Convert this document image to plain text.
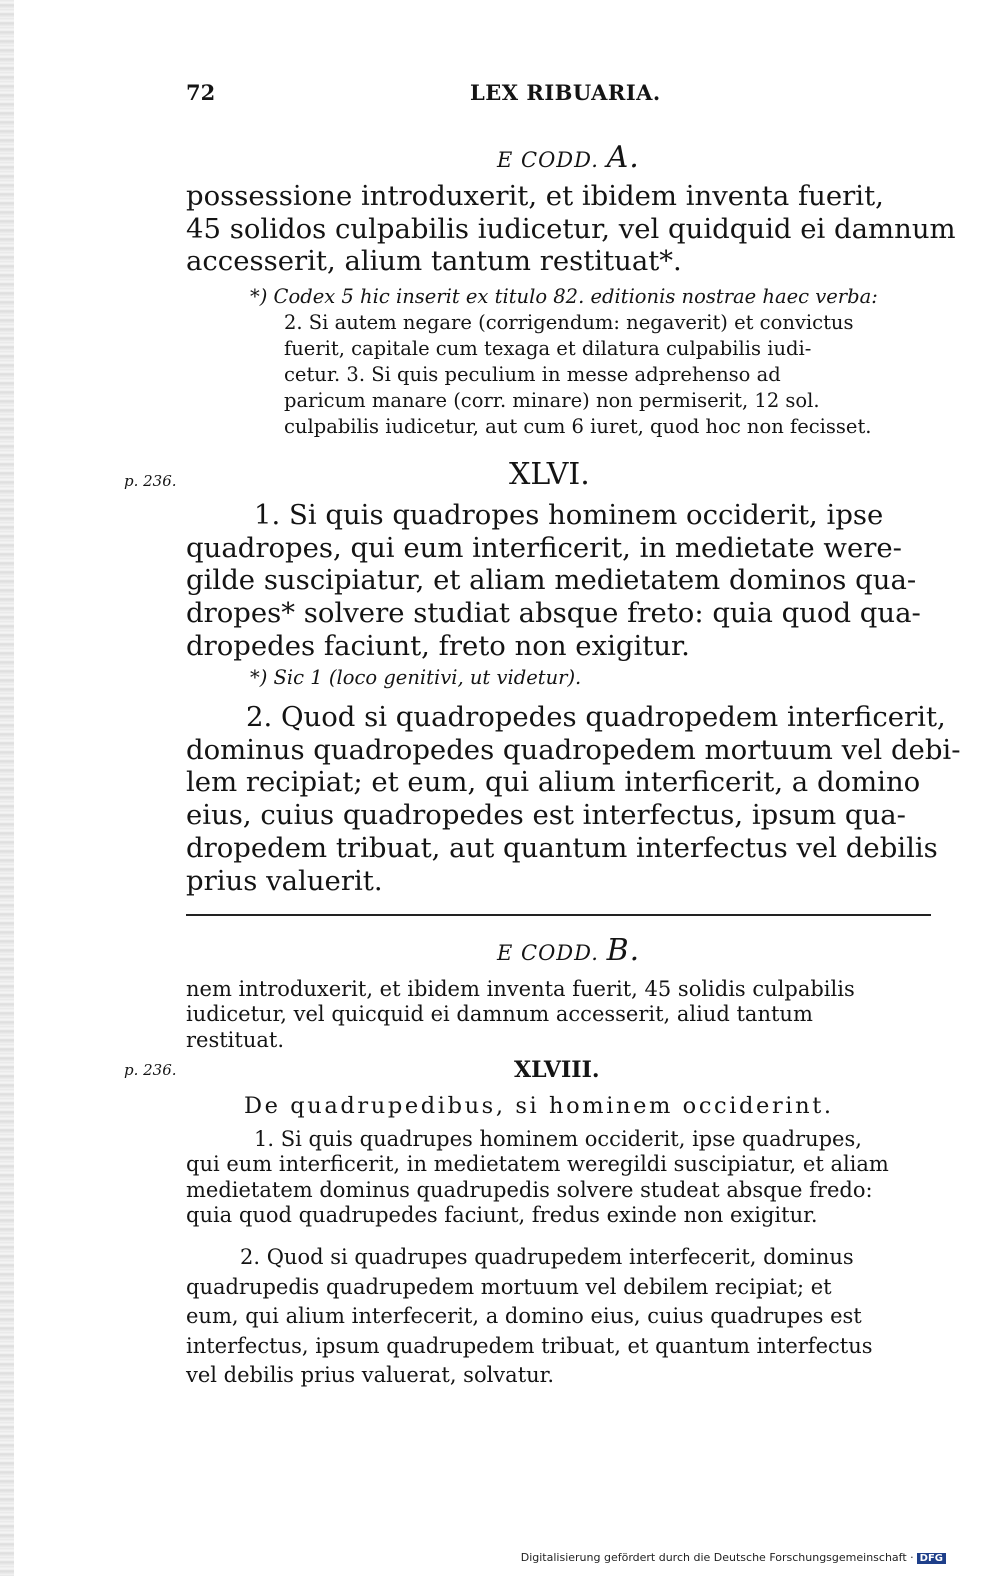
72	LEX RIBUARIA.
E CODD. A.
possessione introduxerit, et ibidem inventa fuerit,
45 solidos culpabilis iudicetur, vel quidquid ei damnum
accesserit, alium tantum restituat*.
*) Codex 5 hic inserit ex titulo 82. editionis nostrae haec verba:
2. Si autem negare (corrigendum: negaverit) et convictus
fuerit, capitale cum texaga et dilatura culpabilis iudi-
cetur. 3. Si quis peculium in messe adprehenso ad
paricum manare (corr. minare) non permiserit, 12 sol.
culpabilis iudicetur, aut cum 6 iuret, quod hoc non fecisset.
p. 236.	XLVI.
1. Si quis quadropes hominem occiderit, ipse
quadropes, qui eum interficerit, in medietate were-
gilde suscipiatur, et aliam medietatem dominos qua-
dropes* solvere studiat absque freto: quia quod qua-
dropedes faciunt, freto non exigitur.
*) Sic 1 (loco genitivi, ut videtur).
2. Quod si quadropedes quadropedem interficerit,
dominus quadropedes quadropedem mortuum vel debi-
lem recipiat; et eum, qui alium interficerit, a domino
eius, cuius quadropedes est interfectus, ipsum qua-
dropedem tribuat, aut quantum interfectus vel debilis
prius valuerit.
E CODD. B.
nem introduxerit, et ibidem inventa fuerit, 45 solidis culpabilis
iudicetur, vel quicquid ei damnum accesserit, aliud tantum
restituat.
p. 236.	XLVIII.
De quadrupedibus, si hominem occiderint.
1. Si quis quadrupes hominem occiderit, ipse quadrupes,
qui eum interficerit, in medietatem weregildi suscipiatur, et aliam
medietatem dominus quadrupedis solvere studeat absque fredo:
quia quod quadrupedes faciunt, fredus exinde non exigitur.
2. Quod si quadrupes quadrupedem interfecerit, dominus
quadrupedis quadrupedem mortuum vel debilem recipiat; et
eum, qui alium interfecerit, a domino eius, cuius quadrupes est
interfectus, ipsum quadrupedem tribuat, et quantum interfectus
vel debilis prius valuerat, solvatur.
Digitalisierung gefördert durch die Deutsche Forschungsgemeinschaft · DFG
